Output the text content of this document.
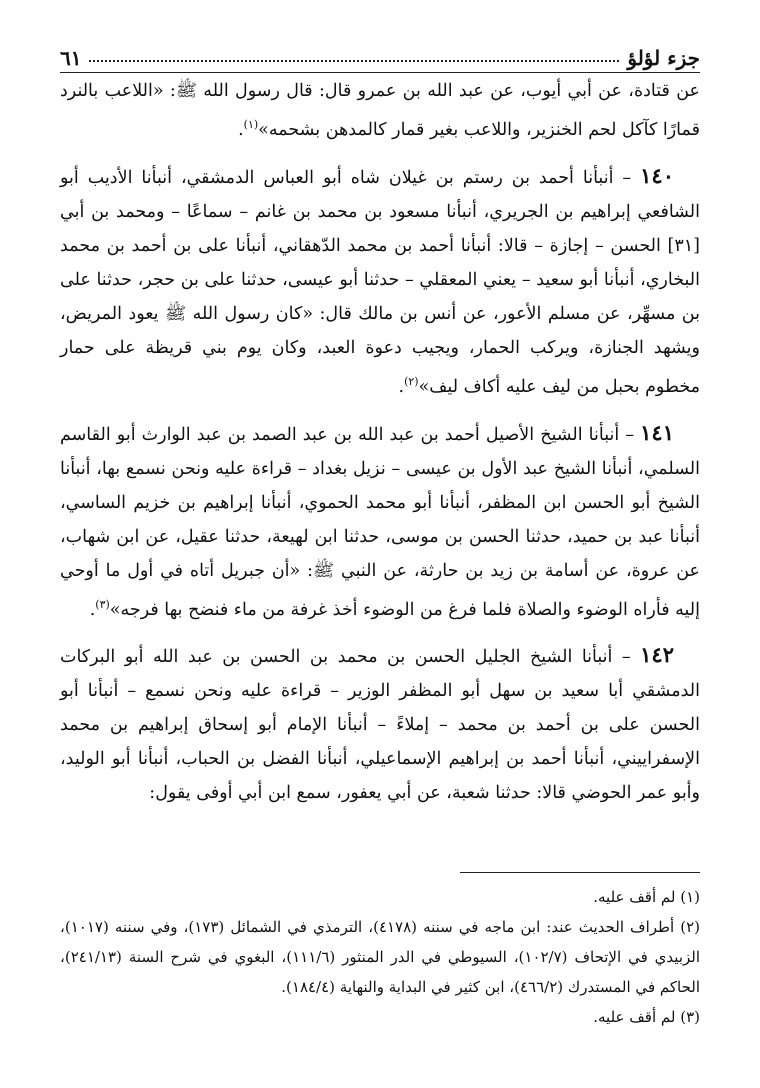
جزء لؤلؤ
٦١

عن قتادة، عن أبي أيوب، عن عبد الله بن عمرو قال: قال رسول الله ﷺ: «اللاعب بالنرد قمارًا كآكل لحم الخنزير، واللاعب بغير قمار كالمدهن بشحمه»$^{(١)}$.

١٤٠ – أنبأنا أحمد بن رستم بن غيلان شاه أبو العباس الدمشقي، أنبأنا الأديب أبو الشافعي إبراهيم بن الجريري، أنبأنا مسعود بن محمد بن غانم – سماعًا – ومحمد بن أبي [٣١] الحسن – إجازة – قالا: أنبأنا أحمد بن محمد الدّهقاني، أنبأنا على بن أحمد بن محمد البخاري، أنبأنا أبو سعيد – يعني المعقلي – حدثنا أبو عيسى، حدثنا على بن حجر، حدثنا على بن مسهِّر، عن مسلم الأعور، عن أنس بن مالك قال: «كان رسول الله ﷺ يعود المريض، ويشهد الجنازة، ويركب الحمار، ويجيب دعوة العبد، وكان يوم بني قريظة على حمار مخطوم بحبل من ليف عليه أكاف ليف»$^{(٢)}$.

١٤١ – أنبأنا الشيخ الأصيل أحمد بن عبد الله بن عبد الصمد بن عبد الوارث أبو القاسم السلمي، أنبأنا الشيخ عبد الأول بن عيسى – نزيل بغداد – قراءة عليه ونحن نسمع بها، أنبأنا الشيخ أبو الحسن ابن المظفر، أنبأنا أبو محمد الحموي، أنبأنا إبراهيم بن خزيم الساسي، أنبأنا عبد بن حميد، حدثنا الحسن بن موسى، حدثنا ابن لهيعة، حدثنا عقيل، عن ابن شهاب، عن عروة، عن أسامة بن زيد بن حارثة، عن النبي ﷺ: «أن جبريل أتاه في أول ما أوحي إليه فأراه الوضوء والصلاة فلما فرغ من الوضوء أخذ غرفة من ماء فنضح بها فرجه»$^{(٣)}$.

١٤٢ – أنبأنا الشيخ الجليل الحسن بن محمد بن الحسن بن عبد الله أبو البركات الدمشقي أبا سعيد بن سهل أبو المظفر الوزير – قراءة عليه ونحن نسمع – أنبأنا أبو الحسن على بن أحمد بن محمد – إملاءً – أنبأنا الإمام أبو إسحاق إبراهيم بن محمد الإسفراييني، أنبأنا أحمد بن إبراهيم الإسماعيلي، أنبأنا الفضل بن الحباب، أنبأنا أبو الوليد، وأبو عمر الحوضي قالا: حدثنا شعبة، عن أبي يعفور، سمع ابن أبي أوفى يقول:

(١) لم أقف عليه.

(٢) أطراف الحديث عند: ابن ماجه في سننه (٤١٧٨)، الترمذي في الشمائل (١٧٣)، وفي سننه (١٠١٧)، الزبيدي في الإتحاف (١٠٢/٧)، السيوطي في الدر المنثور (١١١/٦)، البغوي في شرح السنة (٢٤١/١٣)، الحاكم في المستدرك (٤٦٦/٢)، ابن كثير في البداية والنهاية (١٨٤/٤).

(٣) لم أقف عليه.
